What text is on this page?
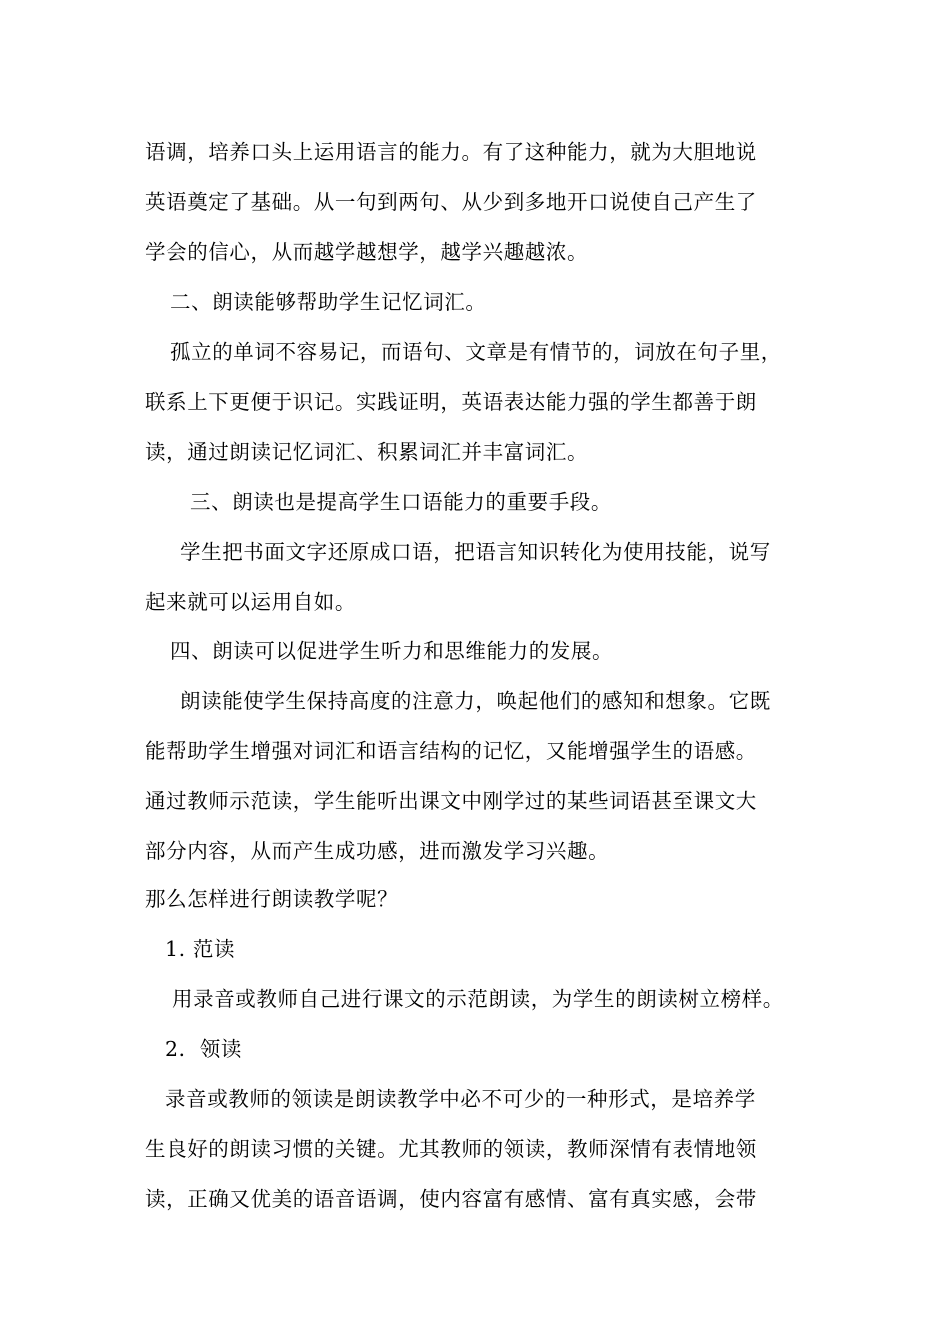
语调，培养口头上运用语言的能力。有了这种能力，就为大胆地说
英语奠定了基础。从一句到两句、从少到多地开口说使自己产生了
学会的信心，从而越学越想学，越学兴趣越浓。
二、朗读能够帮助学生记忆词汇。
孤立的单词不容易记，而语句、文章是有情节的，词放在句子里，
联系上下更便于识记。实践证明，英语表达能力强的学生都善于朗
读，通过朗读记忆词汇、积累词汇并丰富词汇。
三、朗读也是提高学生口语能力的重要手段。
学生把书面文字还原成口语，把语言知识转化为使用技能，说写
起来就可以运用自如。
四、朗读可以促进学生听力和思维能力的发展。
朗读能使学生保持高度的注意力，唤起他们的感知和想象。它既
能帮助学生增强对词汇和语言结构的记忆，又能增强学生的语感。
通过教师示范读，学生能听出课文中刚学过的某些词语甚至课文大
部分内容，从而产生成功感，进而激发学习兴趣。
那么怎样进行朗读教学呢？
1. 范读
用录音或教师自己进行课文的示范朗读，为学生的朗读树立榜样。
2．领读
录音或教师的领读是朗读教学中必不可少的一种形式，是培养学
生良好的朗读习惯的关键。尤其教师的领读，教师深情有表情地领
读，正确又优美的语音语调，使内容富有感情、富有真实感，会带
